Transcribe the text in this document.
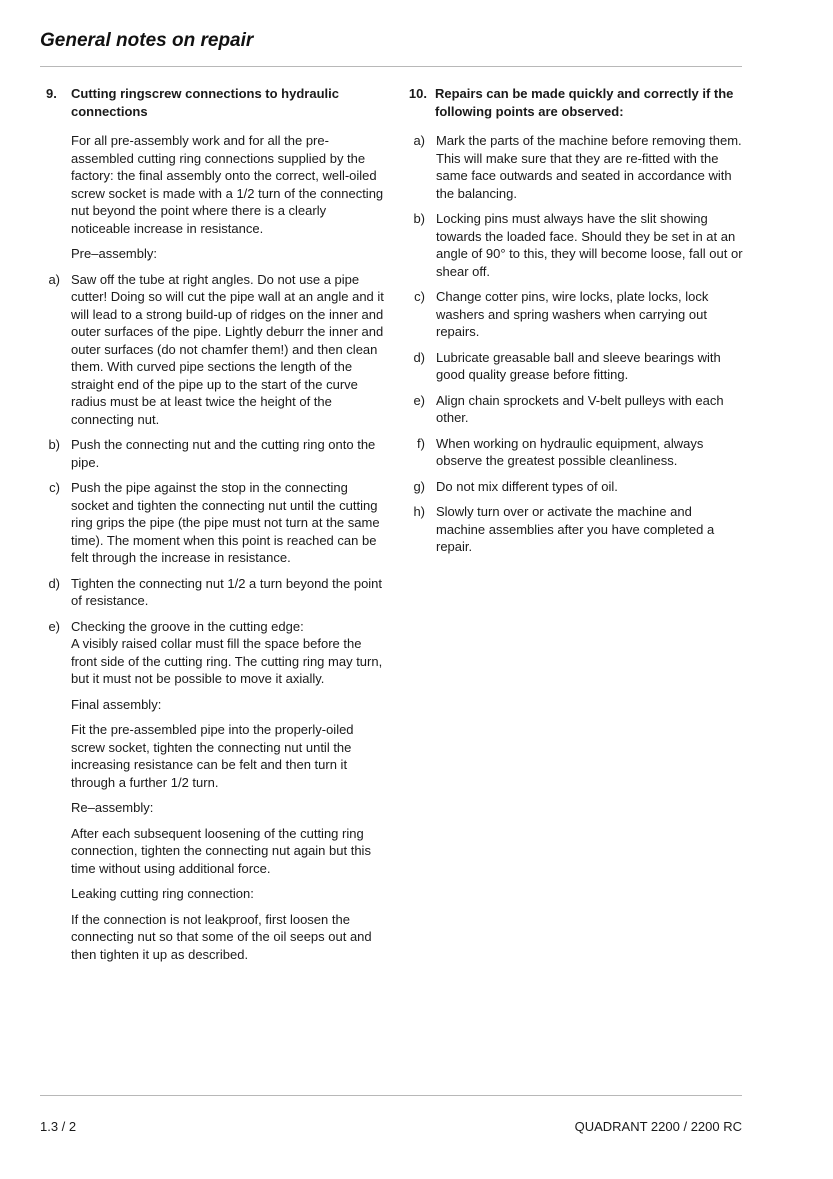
General notes on repair
9.	Cutting ringscrew connections to hydraulic connections
For all pre-assembly work and for all the pre-assembled cutting ring connections supplied by the factory: the final assembly onto the correct, well-oiled screw socket is made with a 1/2 turn of the connecting nut beyond the point where there is a clearly noticeable increase in resistance.
Pre–assembly:
a) Saw off the tube at right angles. Do not use a pipe cutter! Doing so will cut the pipe wall at an angle and it will lead to a strong build-up of ridges on the inner and outer surfaces of the pipe. Lightly deburr the inner and outer surfaces (do not chamfer them!) and then clean them. With curved pipe sections the length of the straight end of the pipe up to the start of the curve radius must be at least twice the height of the connecting nut.
b) Push the connecting nut and the cutting ring onto the pipe.
c) Push the pipe against the stop in the connecting socket and tighten the connecting nut until the cutting ring grips the pipe (the pipe must not turn at the same time). The moment when this point is reached can be felt through the increase in resistance.
d) Tighten the connecting nut 1/2 a turn beyond the point of resistance.
e) Checking the groove in the cutting edge:
A visibly raised collar must fill the space before the front side of the cutting ring. The cutting ring may turn, but it must not be possible to move it axially.
Final assembly:
Fit the pre-assembled pipe into the properly-oiled screw socket, tighten the connecting nut until the increasing resistance can be felt and then turn it through a further 1/2 turn.
Re–assembly:
After each subsequent loosening of the cutting ring connection, tighten the connecting nut again but this time without using additional force.
Leaking cutting ring connection:
If the connection is not leakproof, first loosen the connecting nut so that some of the oil seeps out and then tighten it up as described.
10. Repairs can be made quickly and correctly if the following points are observed:
a) Mark the parts of the machine before removing them. This will make sure that they are re-fitted with the same face outwards and seated in accordance with the balancing.
b) Locking pins must always have the slit showing towards the loaded face. Should they be set in at an angle of 90° to this, they will become loose, fall out or shear off.
c) Change cotter pins, wire locks, plate locks, lock washers and spring washers when carrying out repairs.
d) Lubricate greasable ball and sleeve bearings with good quality grease before fitting.
e) Align chain sprockets and V-belt pulleys with each other.
f) When working on hydraulic equipment, always observe the greatest possible cleanliness.
g) Do not mix different types of oil.
h) Slowly turn over or activate the machine and machine assemblies after you have completed a repair.
1.3 / 2	QUADRANT 2200 / 2200 RC
